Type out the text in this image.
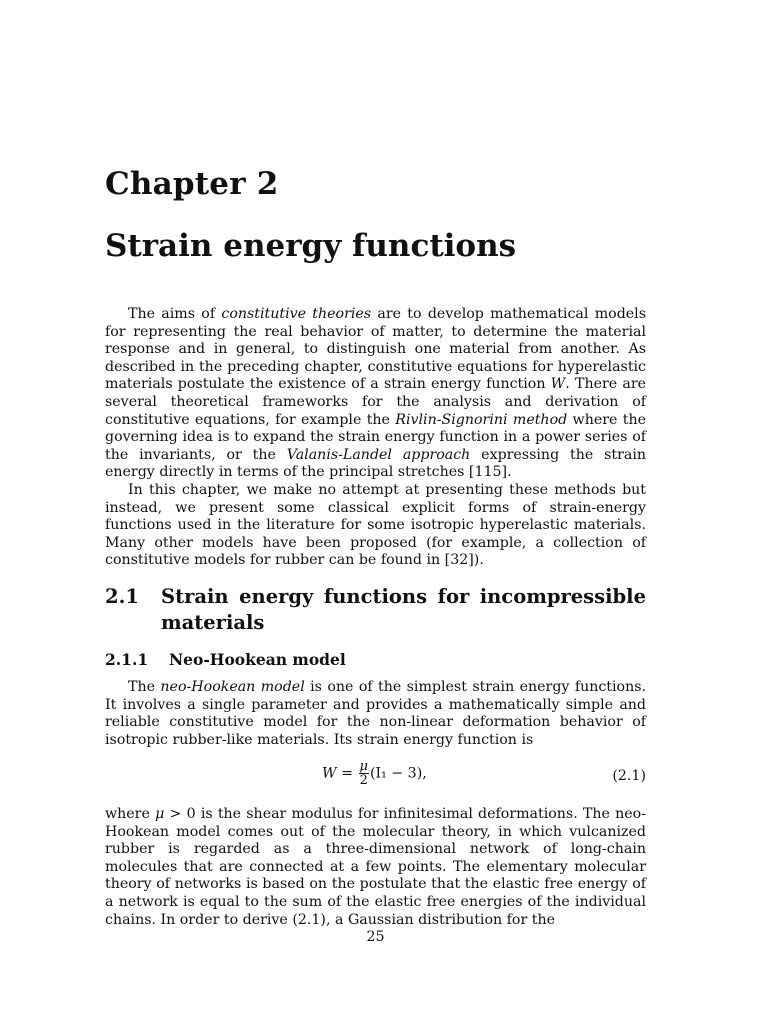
Chapter 2
Strain energy functions

The aims of constitutive theories are to develop mathematical models for representing the real behavior of matter, to determine the material response and in general, to distinguish one material from another. As described in the preceding chapter, constitutive equations for hyperelastic materials postulate the existence of a strain energy function W. There are several theoretical frameworks for the analysis and derivation of constitutive equations, for example the Rivlin-Signorini method where the governing idea is to expand the strain energy function in a power series of the invariants, or the Valanis-Landel approach expressing the strain energy directly in terms of the principal stretches [115].

In this chapter, we make no attempt at presenting these methods but instead, we present some classical explicit forms of strain-energy functions used in the literature for some isotropic hyperelastic materials. Many other models have been proposed (for example, a collection of constitutive models for rubber can be found in [32]).

2.1 Strain energy functions for incompressible
materials
2.1.1 Neo-Hookean model

The neo-Hookean model is one of the simplest strain energy functions. It involves a single parameter and provides a mathematically simple and reliable constitutive model for the non-linear deformation behavior of isotropic rubber-like materials. Its strain energy function is

$W = \frac{\mu}{2} (I_1 - 3)$,	(2.1)

where μ > 0 is the shear modulus for infinitesimal deformations. The neo-Hookean model comes out of the molecular theory, in which vulcanized rubber is regarded as a three-dimensional network of long-chain molecules that are connected at a few points. The elementary molecular theory of networks is based on the postulate that the elastic free energy of a network is equal to the sum of the elastic free energies of the individual chains. In order to derive (2.1), a Gaussian distribution for the

25
